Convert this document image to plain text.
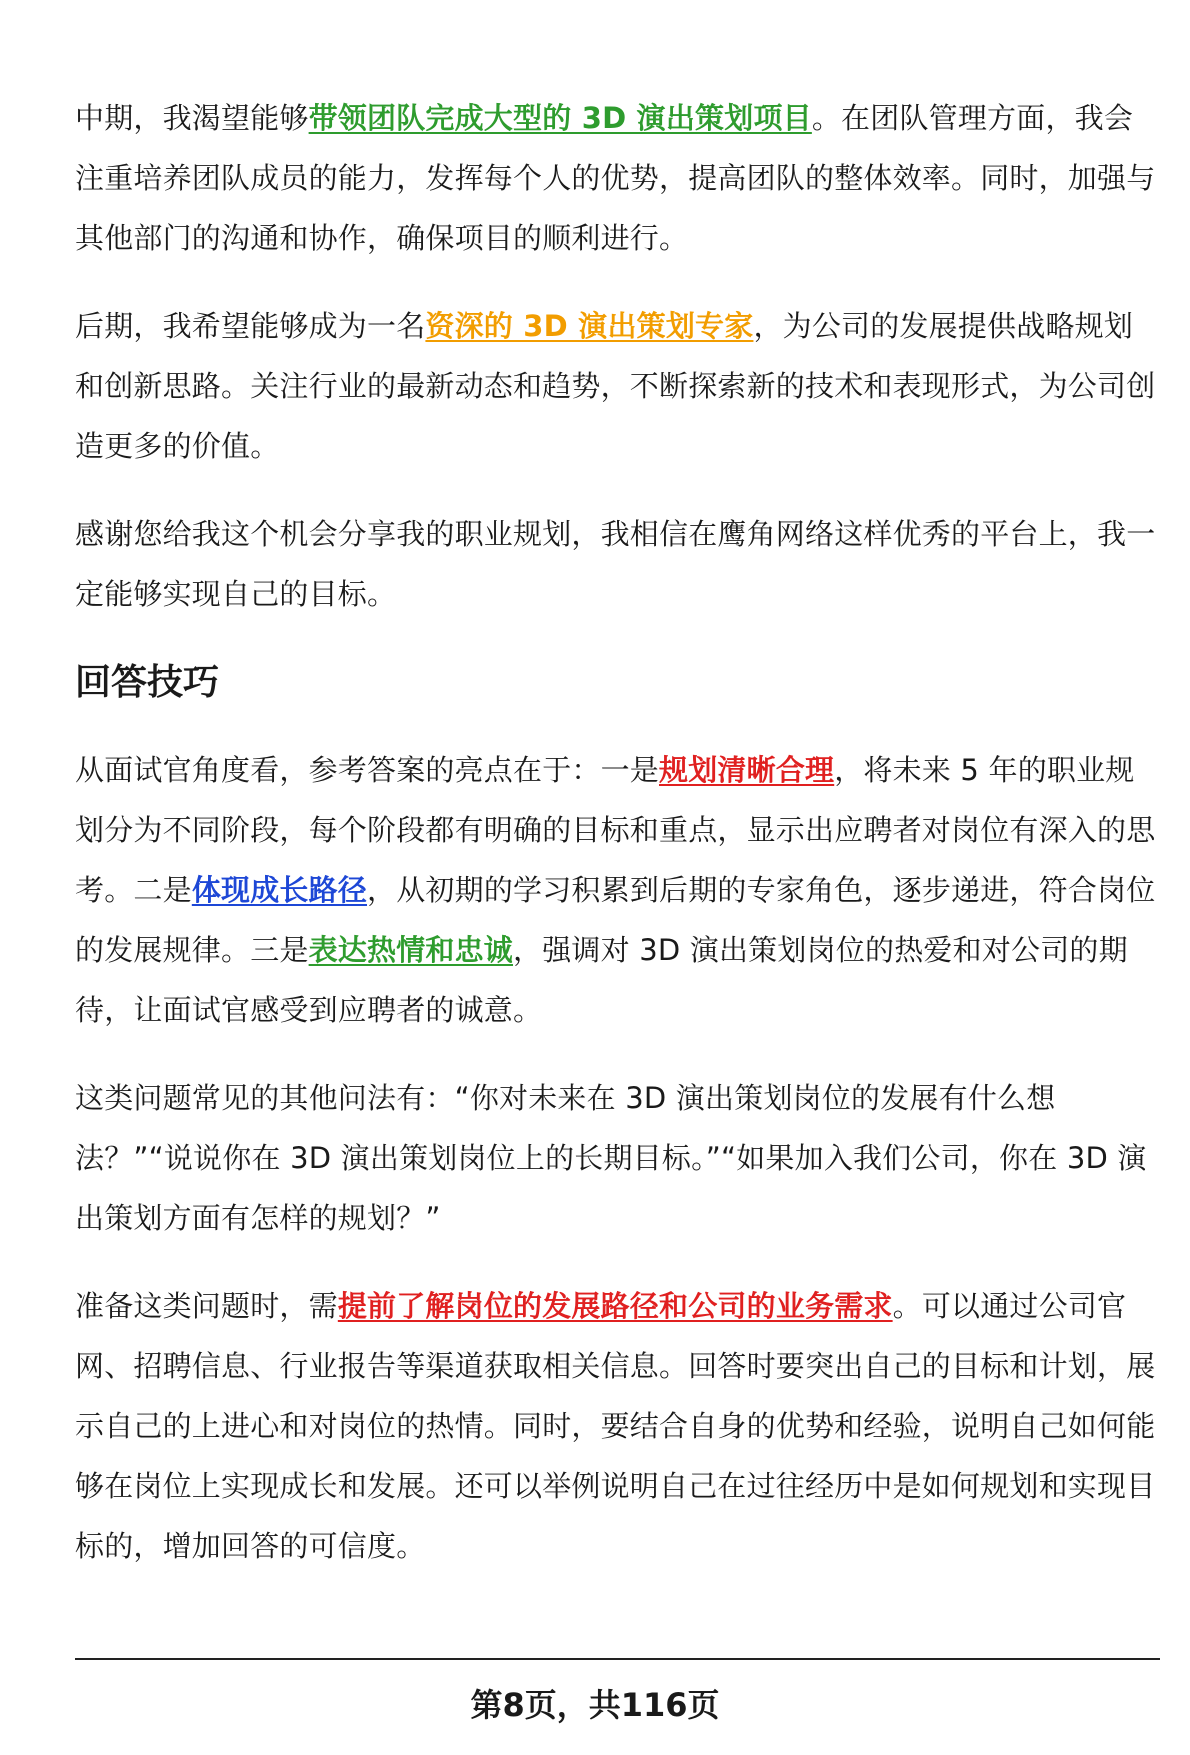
中期，我渴望能够带领团队完成大型的 3D 演出策划项目。在团队管理方面，我会注重培养团队成员的能力，发挥每个人的优势，提高团队的整体效率。同时，加强与其他部门的沟通和协作，确保项目的顺利进行。

后期，我希望能够成为一名资深的 3D 演出策划专家，为公司的发展提供战略规划和创新思路。关注行业的最新动态和趋势，不断探索新的技术和表现形式，为公司创造更多的价值。

感谢您给我这个机会分享我的职业规划，我相信在鹰角网络这样优秀的平台上，我一定能够实现自己的目标。

回答技巧

从面试官角度看，参考答案的亮点在于：一是规划清晰合理，将未来 5 年的职业规划分为不同阶段，每个阶段都有明确的目标和重点，显示出应聘者对岗位有深入的思考。二是体现成长路径，从初期的学习积累到后期的专家角色，逐步递进，符合岗位的发展规律。三是表达热情和忠诚，强调对 3D 演出策划岗位的热爱和对公司的期待，让面试官感受到应聘者的诚意。

这类问题常见的其他问法有：“你对未来在 3D 演出策划岗位的发展有什么想
法？”“说说你在 3D 演出策划岗位上的长期目标。”“如果加入我们公司，你在 3D 演出策划方面有怎样的规划？”

准备这类问题时，需提前了解岗位的发展路径和公司的业务需求。可以通过公司官网、招聘信息、行业报告等渠道获取相关信息。回答时要突出自己的目标和计划，展示自己的上进心和对岗位的热情。同时，要结合自身的优势和经验，说明自己如何能够在岗位上实现成长和发展。还可以举例说明自己在过往经历中是如何规划和实现目标的，增加回答的可信度。

第8页，共116页
